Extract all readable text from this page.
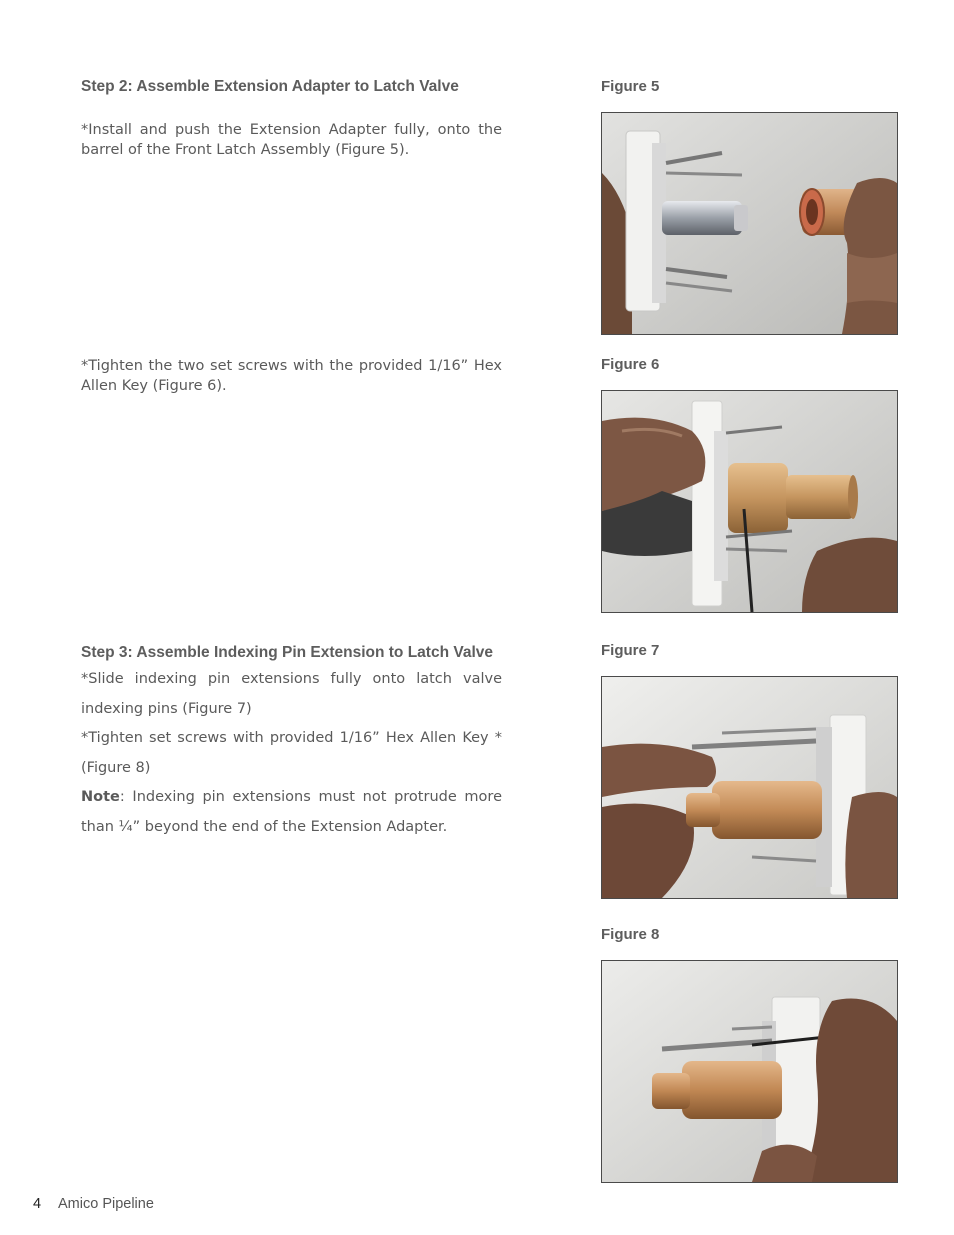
Step 2: Assemble Extension Adapter to Latch Valve
*Install and push the Extension Adapter fully, onto the barrel of the Front Latch Assembly (Figure 5).
*Tighten the two set screws with the provided 1/16” Hex Allen Key (Figure 6).
Step 3: Assemble Indexing Pin Extension to Latch Valve
*Slide indexing pin extensions fully onto latch valve indexing pins (Figure 7)
*Tighten set screws with provided 1/16” Hex Allen Key *(Figure 8)
Note: Indexing pin extensions must not protrude more than ¼” beyond the end of the Extension Adapter.
Figure 5
Figure 6
Figure 7
Figure 8
4 Amico Pipeline
